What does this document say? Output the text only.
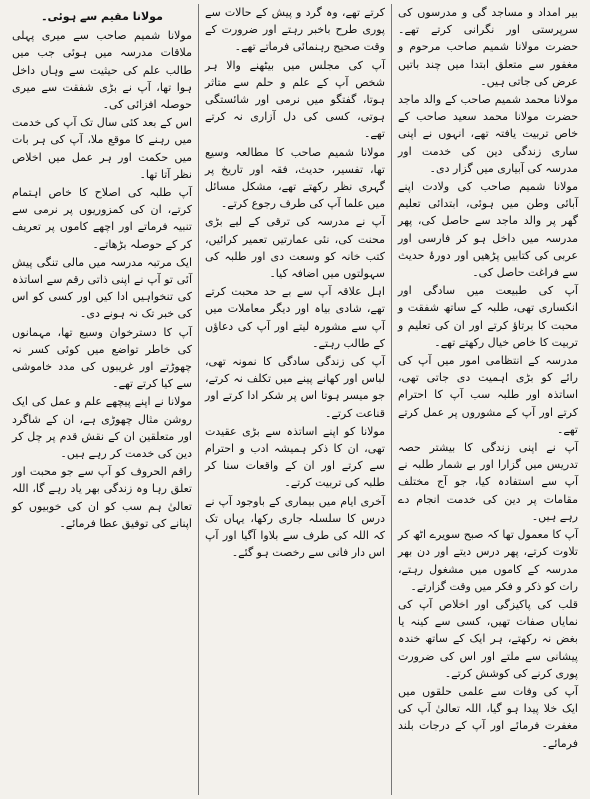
بیر امداد و مساجد گی و مدرسوں کی سرپرستی اور نگرانی کرتے تھے۔ حضرت مولانا شمیم صاحب مرحوم و مغفور سے متعلق ابتدا میں چند باتیں عرض کی جاتی ہیں۔

مولانا محمد شمیم صاحب کے والد ماجد حضرت مولانا محمد سعید صاحب کے خاص تربیت یافتہ تھے، انہوں نے اپنی ساری زندگی دین کی خدمت اور مدرسہ کی آبیاری میں گزار دی۔

مولانا شمیم صاحب کی ولادت اپنے آبائی وطن میں ہوئی، ابتدائی تعلیم گھر پر والد ماجد سے حاصل کی، پھر مدرسہ میں داخل ہو کر فارسی اور عربی کی کتابیں پڑھیں اور دورۂ حدیث سے فراغت حاصل کی۔

آپ کی طبیعت میں سادگی اور انکساری تھی، طلبہ کے ساتھ شفقت و محبت کا برتاؤ کرتے اور ان کی تعلیم و تربیت کا خاص خیال رکھتے تھے۔

مدرسہ کے انتظامی امور میں آپ کی رائے کو بڑی اہمیت دی جاتی تھی، اساتذہ اور طلبہ سب آپ کا احترام کرتے اور آپ کے مشوروں پر عمل کرتے تھے۔

آپ نے اپنی زندگی کا بیشتر حصہ تدریس میں گزارا اور بے شمار طلبہ نے آپ سے استفادہ کیا، جو آج مختلف مقامات پر دین کی خدمت انجام دے رہے ہیں۔

آپ کا معمول تھا کہ صبح سویرے اٹھ کر تلاوت کرتے، پھر درس دیتے اور دن بھر مدرسہ کے کاموں میں مشغول رہتے، رات کو ذکر و فکر میں وقت گزارتے۔

قلب کی پاکیزگی اور اخلاص آپ کی نمایاں صفات تھیں، کسی سے کینہ یا بغض نہ رکھتے، ہر ایک کے ساتھ خندہ پیشانی سے ملتے اور اس کی ضرورت پوری کرنے کی کوشش کرتے۔

آپ کی وفات سے علمی حلقوں میں ایک خلا پیدا ہو گیا، اللہ تعالیٰ آپ کی مغفرت فرمائے اور آپ کے درجات بلند فرمائے۔

کرتے تھے، وہ گرد و پیش کے حالات سے پوری طرح باخبر رہتے اور ضرورت کے وقت صحیح رہنمائی فرماتے تھے۔

آپ کی مجلس میں بیٹھنے والا ہر شخص آپ کے علم و حلم سے متاثر ہوتا، گفتگو میں نرمی اور شائستگی ہوتی، کسی کی دل آزاری نہ کرتے تھے۔

مولانا شمیم صاحب کا مطالعہ وسیع تھا، تفسیر، حدیث، فقہ اور تاریخ پر گہری نظر رکھتے تھے، مشکل مسائل میں علما آپ کی طرف رجوع کرتے۔

آپ نے مدرسہ کی ترقی کے لیے بڑی محنت کی، نئی عمارتیں تعمیر کرائیں، کتب خانہ کو وسعت دی اور طلبہ کی سہولتوں میں اضافہ کیا۔

اہل علاقہ آپ سے بے حد محبت کرتے تھے، شادی بیاہ اور دیگر معاملات میں آپ سے مشورہ لیتے اور آپ کی دعاؤں کے طالب رہتے۔

آپ کی زندگی سادگی کا نمونہ تھی، لباس اور کھانے پینے میں تکلف نہ کرتے، جو میسر ہوتا اس پر شکر ادا کرتے اور قناعت کرتے۔

مولانا کو اپنے اساتذہ سے بڑی عقیدت تھی، ان کا ذکر ہمیشہ ادب و احترام سے کرتے اور ان کے واقعات سنا کر طلبہ کی تربیت کرتے۔

آخری ایام میں بیماری کے باوجود آپ نے درس کا سلسلہ جاری رکھا، یہاں تک کہ اللہ کی طرف سے بلاوا آگیا اور آپ اس دار فانی سے رخصت ہو گئے۔

مولانا مقیم سے ہوئی۔

مولانا شمیم صاحب سے میری پہلی ملاقات مدرسہ میں ہوئی جب میں طالب علم کی حیثیت سے وہاں داخل ہوا تھا، آپ نے بڑی شفقت سے میری حوصلہ افزائی کی۔

اس کے بعد کئی سال تک آپ کی خدمت میں رہنے کا موقع ملا، آپ کی ہر بات میں حکمت اور ہر عمل میں اخلاص نظر آتا تھا۔

آپ طلبہ کی اصلاح کا خاص اہتمام کرتے، ان کی کمزوریوں پر نرمی سے تنبیہ فرماتے اور اچھے کاموں پر تعریف کر کے حوصلہ بڑھاتے۔

ایک مرتبہ مدرسہ میں مالی تنگی پیش آئی تو آپ نے اپنی ذاتی رقم سے اساتذہ کی تنخواہیں ادا کیں اور کسی کو اس کی خبر تک نہ ہونے دی۔

آپ کا دسترخوان وسیع تھا، مہمانوں کی خاطر تواضع میں کوئی کسر نہ چھوڑتے اور غریبوں کی مدد خاموشی سے کیا کرتے تھے۔

مولانا نے اپنے پیچھے علم و عمل کی ایک روشن مثال چھوڑی ہے، ان کے شاگرد اور متعلقین ان کے نقش قدم پر چل کر دین کی خدمت کر رہے ہیں۔

راقم الحروف کو آپ سے جو محبت اور تعلق رہا وہ زندگی بھر یاد رہے گا، اللہ تعالیٰ ہم سب کو ان کی خوبیوں کو اپنانے کی توفیق عطا فرمائے۔
